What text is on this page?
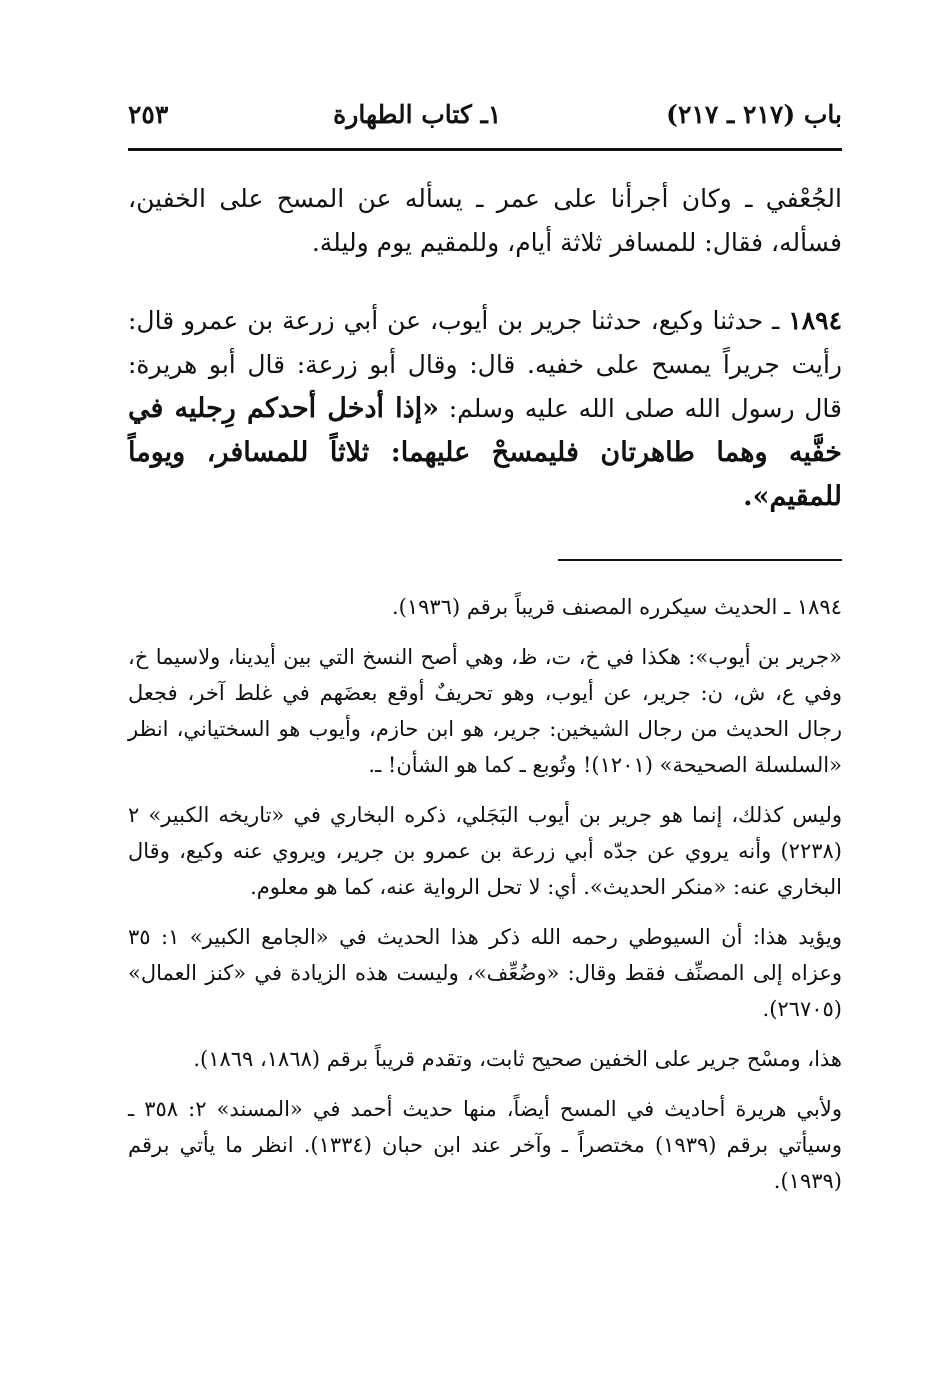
باب (٢١٧ ـ ٢١٧)
١ـ كتاب الطهارة
٢٥٣

الجُعْفي ـ وكان أجرأنا على عمر ـ يسأله عن المسح على الخفين، فسأله، فقال: للمسافر ثلاثة أيام، وللمقيم يوم وليلة.

١٨٩٤ ـ حدثنا وكيع، حدثنا جرير بن أيوب، عن أبي زرعة بن عمرو قال: رأيت جريراً يمسح على خفيه. قال: وقال أبو زرعة: قال أبو هريرة: قال رسول الله صلى الله عليه وسلم: «إذا أدخل أحدكم رِجليه في خفَّيه وهما طاهرتان فليمسحْ عليهما: ثلاثاً للمسافر، ويوماً للمقيم».

١٨٩٤ ـ الحديث سيكرره المصنف قريباً برقم (١٩٣٦).

«جرير بن أيوب»: هكذا في خ، ت، ظ، وهي أصح النسخ التي بين أيدينا، ولاسيما خ، وفي ع، ش، ن: جرير، عن أيوب، وهو تحريفٌ أوقع بعضَهم في غلط آخر، فجعل رجال الحديث من رجال الشيخين: جرير، هو ابن حازم، وأيوب هو السختياني، انظر «السلسلة الصحيحة» (١٢٠١)! وتُوبع ـ كما هو الشأن! ـ.

وليس كذلك، إنما هو جرير بن أيوب البَجَلي، ذكره البخاري في «تاريخه الكبير» ٢ (٢٢٣٨) وأنه يروي عن جدّه أبي زرعة بن عمرو بن جرير، ويروي عنه وكيع، وقال البخاري عنه: «منكر الحديث». أي: لا تحل الرواية عنه، كما هو معلوم.

ويؤيد هذا: أن السيوطي رحمه الله ذكر هذا الحديث في «الجامع الكبير» ١: ٣٥ وعزاه إلى المصنِّف فقط وقال: «وضُعِّف»، وليست هذه الزيادة في «كنز العمال» (٢٦٧٠٥).

هذا، ومسْح جرير على الخفين صحيح ثابت، وتقدم قريباً برقم (١٨٦٨، ١٨٦٩).

ولأبي هريرة أحاديث في المسح أيضاً، منها حديث أحمد في «المسند» ٢: ٣٥٨ ـ وسيأتي برقم (١٩٣٩) مختصراً ـ وآخر عند ابن حبان (١٣٣٤). انظر ما يأتي برقم (١٩٣٩).
